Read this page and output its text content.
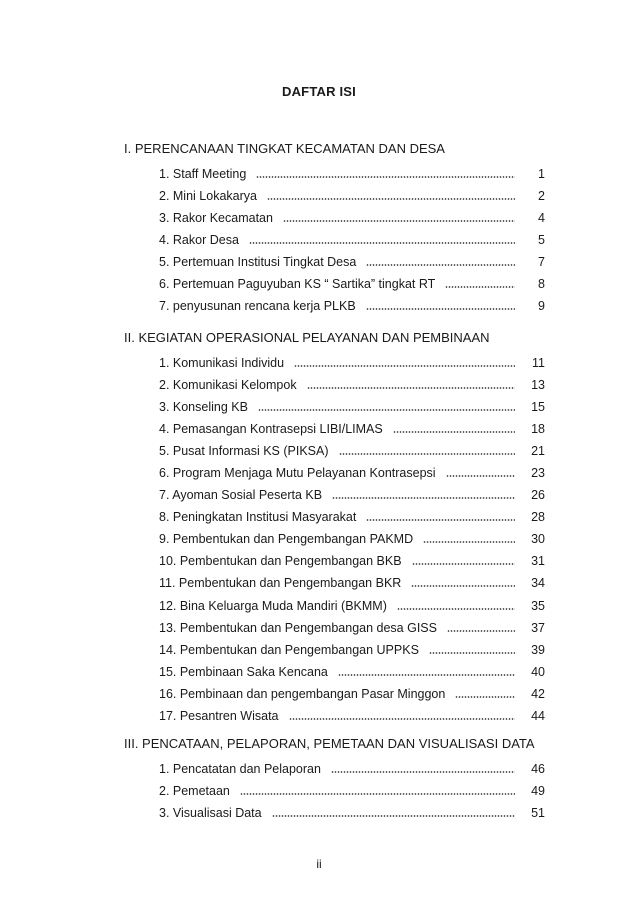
DAFTAR ISI
I. PERENCANAAN TINGKAT KECAMATAN DAN DESA
1. Staff Meeting	1
2. Mini Lokakarya	2
3. Rakor Kecamatan	4
4. Rakor Desa	5
5. Pertemuan Institusi Tingkat Desa	7
6. Pertemuan Paguyuban KS “ Sartika” tingkat RT	8
7. penyusunan rencana kerja PLKB	9
II. KEGIATAN OPERASIONAL PELAYANAN DAN PEMBINAAN
1. Komunikasi Individu	11
2. Komunikasi Kelompok	13
3. Konseling KB	15
4. Pemasangan Kontrasepsi LIBI/LIMAS	18
5. Pusat Informasi KS (PIKSA)	21
6. Program Menjaga Mutu Pelayanan Kontrasepsi	23
7. Ayoman Sosial Peserta KB	26
8. Peningkatan Institusi Masyarakat	28
9. Pembentukan dan Pengembangan PAKMD	30
10. Pembentukan dan Pengembangan BKB	31
11. Pembentukan dan Pengembangan BKR	34
12. Bina Keluarga Muda Mandiri (BKMM)	35
13. Pembentukan dan Pengembangan desa GISS	37
14. Pembentukan dan Pengembangan UPPKS	39
15. Pembinaan Saka Kencana	40
16. Pembinaan dan pengembangan Pasar Minggon	42
17. Pesantren Wisata	44
III. PENCATAAN, PELAPORAN, PEMETAAN DAN VISUALISASI DATA
1. Pencatatan dan Pelaporan	46
2. Pemetaan	49
3. Visualisasi Data	51
ii
